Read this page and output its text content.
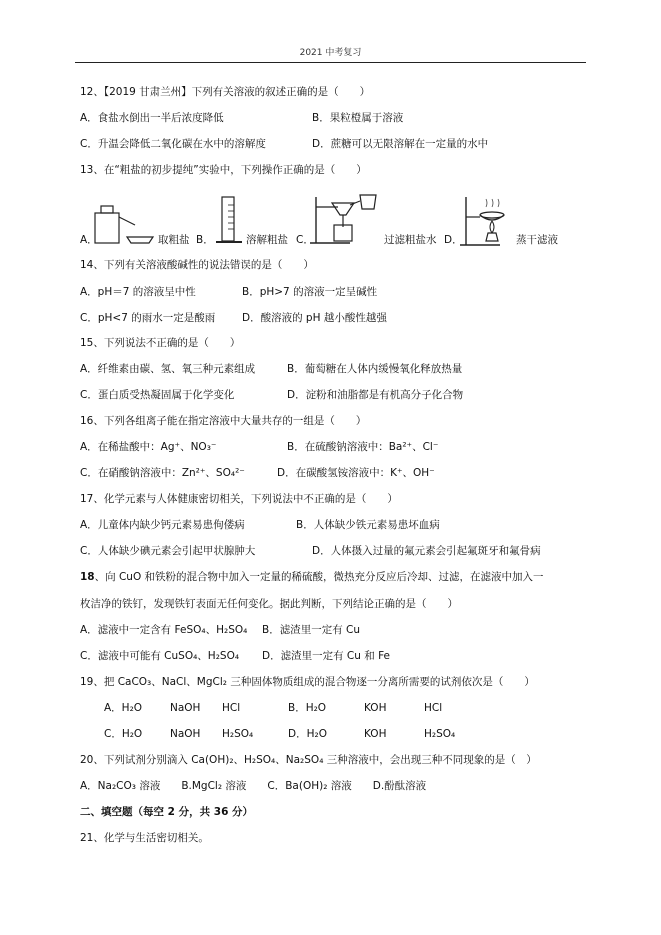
2021 中考复习
12、【2019 甘肃兰州】下列有关溶液的叙述正确的是（　　）
A．食盐水倒出一半后浓度降低	B．果粒橙属于溶液
C．升温会降低二氧化碳在水中的溶解度	D．蔗糖可以无限溶解在一定量的水中
13、在“粗盐的初步提纯”实验中，下列操作正确的是（　　）
A．	取粗盐 B．	溶解粗盐 C．	过滤粗盐水 D．	蒸干滤液
14、下列有关溶液酸碱性的说法错误的是（　　）
A．pH＝7 的溶液呈中性	B．pH>7 的溶液一定呈碱性
C．pH<7 的雨水一定是酸雨	D．酸溶液的 pH 越小酸性越强
15、下列说法不正确的是（　　）
A．纤维素由碳、氢、氧三种元素组成	B．葡萄糖在人体内缓慢氧化释放热量
C．蛋白质受热凝固属于化学变化	D．淀粉和油脂都是有机高分子化合物
16、下列各组离子能在指定溶液中大量共存的一组是（　　）
A．在稀盐酸中：Ag⁺、NO₃⁻	B．在硫酸钠溶液中：Ba²⁺、Cl⁻
C．在硝酸钠溶液中：Zn²⁺、SO₄²⁻	D．在碳酸氢铵溶液中：K⁺、OH⁻
17、化学元素与人体健康密切相关，下列说法中不正确的是（　　）
A．儿童体内缺少钙元素易患佝偻病	B．人体缺少铁元素易患坏血病
C．人体缺少碘元素会引起甲状腺肿大	D．人体摄入过量的氟元素会引起氟斑牙和氟骨病
18、向 CuO 和铁粉的混合物中加入一定量的稀硫酸，微热充分反应后冷却、过滤，在滤液中加入一
枚洁净的铁钉，发现铁钉表面无任何变化。据此判断，下列结论正确的是（　　）
A．滤液中一定含有 FeSO₄、H₂SO₄ B．滤渣里一定有 Cu
C．滤液中可能有 CuSO₄、H₂SO₄ D．滤渣里一定有 Cu 和 Fe
19、把 CaCO₃、NaCl、MgCl₂ 三种固体物质组成的混合物逐一分离所需要的试剂依次是（　　）
A．H₂O	NaOH HCl	B．H₂O	KOH	HCl
C．H₂O	NaOH H₂SO₄	D．H₂O	KOH	H₂SO₄
20、下列试剂分别滴入 Ca(OH)₂、H₂SO₄、Na₂SO₄ 三种溶液中，会出现三种不同现象的是（　）
A．Na₂CO₃ 溶液　　B.MgCl₂ 溶液　　C．Ba(OH)₂ 溶液　　D.酚酞溶液
二、填空题（每空 2 分，共 36 分）
21、化学与生活密切相关。
